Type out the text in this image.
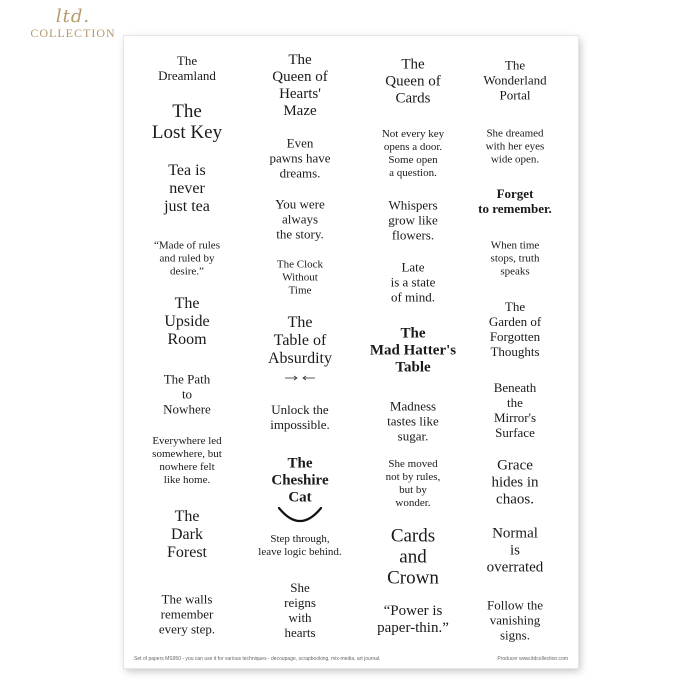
ltd.
COLLECTION
The
Dreamland
The
Lost Key
Tea is
never
just tea
“Made of rules
and ruled by
desire.”
The
Upside
Room
The Path
to
Nowhere
Everywhere led
somewhere, but
nowhere felt
like home.
The
Dark
Forest
The walls
remember
every step.
The
Queen of
Hearts'
Maze
Even
pawns have
dreams.
You were
always
the story.
The Clock
Without
Time
The
Table of
Absurdity
Unlock the
impossible.
The
Cheshire
Cat
Step through,
leave logic behind.
She
reigns
with
hearts
The
Queen of
Cards
Not every key
opens a door.
Some open
a question.
Whispers
grow like
flowers.
Late
is a state
of mind.
The
Mad Hatter's
Table
Madness
tastes like
sugar.
She moved
not by rules,
but by
wonder.
Cards
and
Crown
“Power is
paper-thin.”
The
Wonderland
Portal
She dreamed
with her eyes
wide open.
Forget
to remember.
When time
stops, truth
speaks
The
Garden of
Forgotten
Thoughts
Beneath
the
Mirror's
Surface
Grace
hides in
chaos.
Normal
is
overrated
Follow the
vanishing
signs.
Set of papers MS950 - you can use it for various techniques - decoupage, scrapbooking, mix-media, art journal.	Producer www.itdcollection.com
